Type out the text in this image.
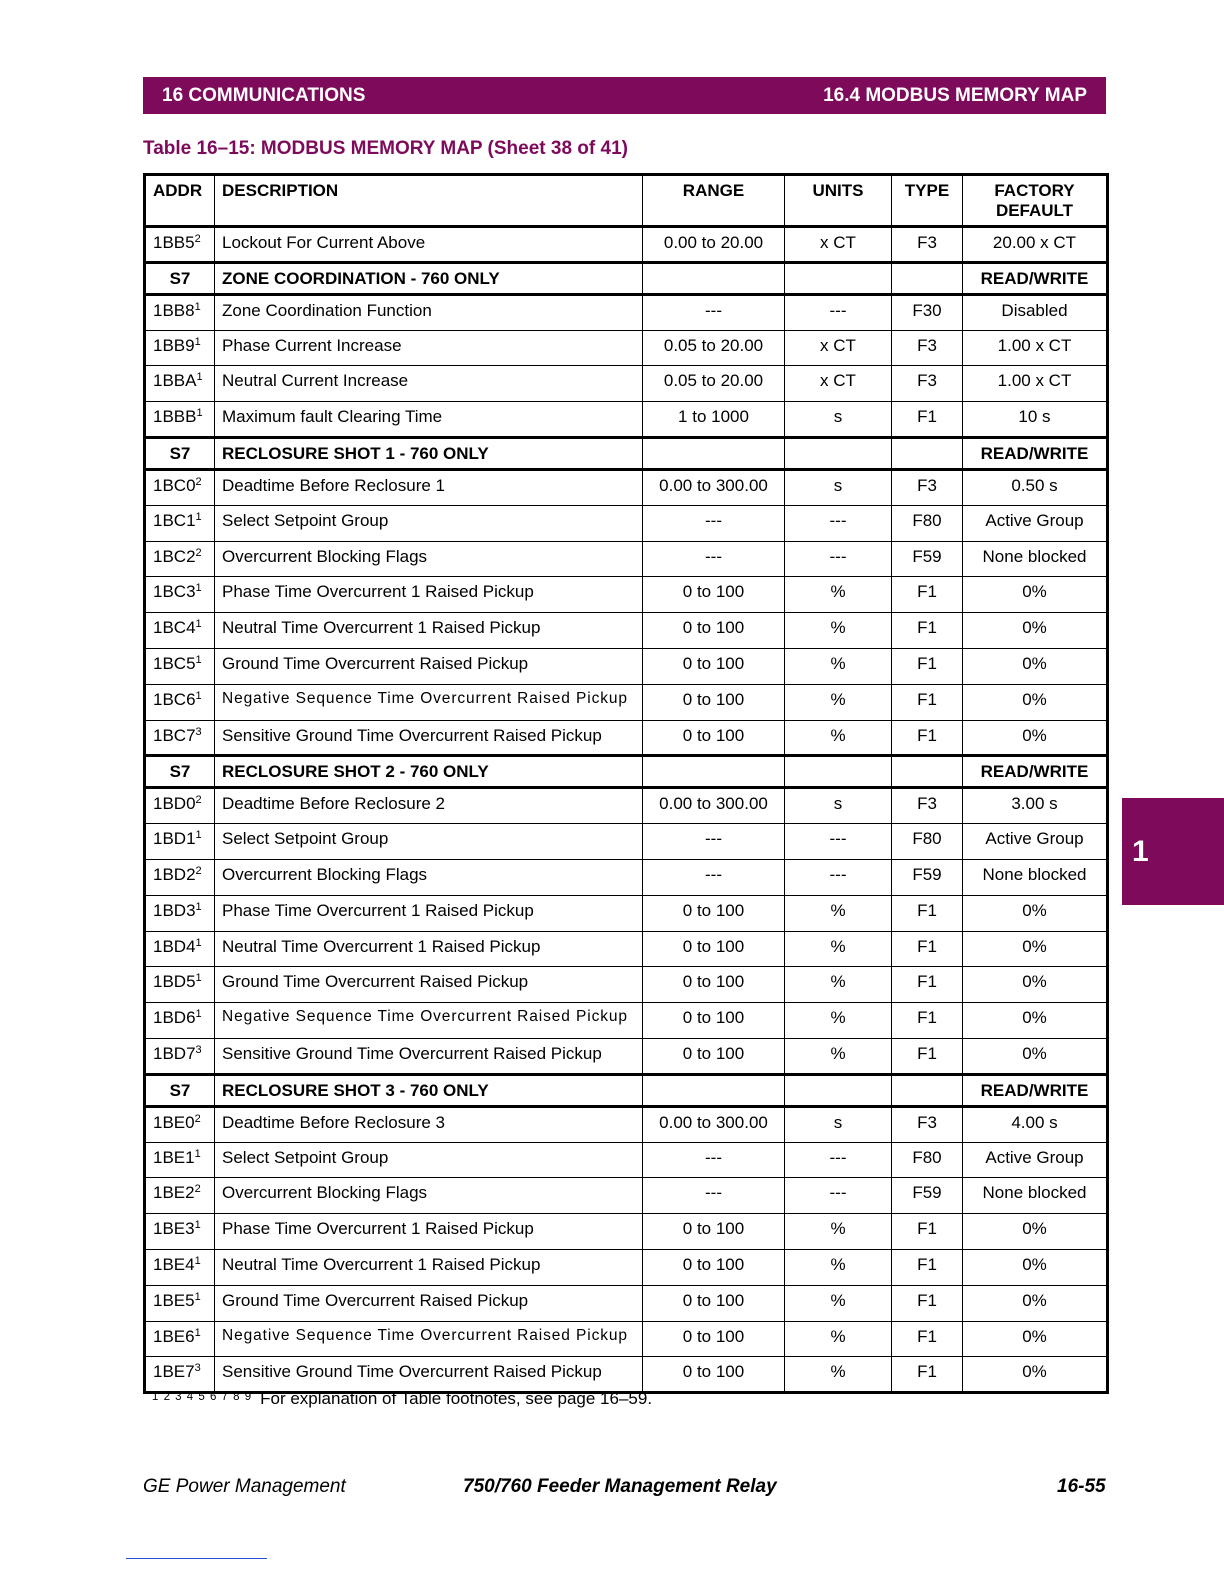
16 COMMUNICATIONS	16.4 MODBUS MEMORY MAP
Table 16–15: MODBUS MEMORY MAP (Sheet 38 of 41)
ADDR	DESCRIPTION	RANGE	UNITS	TYPE	FACTORY
DEFAULT

$1BB5^2$	Lockout For Current Above	0.00 to 20.00	x CT	F3	20.00 x CT
S7	ZONE COORDINATION - 760 ONLY				READ/WRITE
$1BB8^1$	Zone Coordination Function	---	---	F30	Disabled
$1BB9^1$	Phase Current Increase	0.05 to 20.00	x CT	F3	1.00 x CT
1BBA$^1$	Neutral Current Increase	0.05 to 20.00	x CT	F3	1.00 x CT
1BBB$^1$	Maximum fault Clearing Time	1 to 1000	s	F1	10 s
S7	RECLOSURE SHOT 1 - 760 ONLY				READ/WRITE
$1BC0^2$	Deadtime Before Reclosure 1	0.00 to 300.00	s	F3	0.50 s
$1BC1^1$	Select Setpoint Group	---	---	F80	Active Group
$1BC2^2$	Overcurrent Blocking Flags	---	---	F59	None blocked
$1BC3^1$	Phase Time Overcurrent 1 Raised Pickup	0 to 100	%	F1	0%
$1BC4^1$	Neutral Time Overcurrent 1 Raised Pickup	0 to 100	%	F1	0%
$1BC5^1$	Ground Time Overcurrent Raised Pickup	0 to 100	%	F1	0%
$1BC6^1$	Negative Sequence Time Overcurrent Raised Pickup	0 to 100	%	F1	0%
$1BC7^3$	Sensitive Ground Time Overcurrent Raised Pickup	0 to 100	%	F1	0%
S7	RECLOSURE SHOT 2 - 760 ONLY				READ/WRITE
$1BD0^2$	Deadtime Before Reclosure 2	0.00 to 300.00	s	F3	3.00 s
$1BD1^1$	Select Setpoint Group	---	---	F80	Active Group
$1BD2^2$	Overcurrent Blocking Flags	---	---	F59	None blocked
$1BD3^1$	Phase Time Overcurrent 1 Raised Pickup	0 to 100	%	F1	0%
$1BD4^1$	Neutral Time Overcurrent 1 Raised Pickup	0 to 100	%	F1	0%
$1BD5^1$	Ground Time Overcurrent Raised Pickup	0 to 100	%	F1	0%
$1BD6^1$	Negative Sequence Time Overcurrent Raised Pickup	0 to 100	%	F1	0%
$1BD7^3$	Sensitive Ground Time Overcurrent Raised Pickup	0 to 100	%	F1	0%
S7	RECLOSURE SHOT 3 - 760 ONLY				READ/WRITE
$1BE0^2$	Deadtime Before Reclosure 3	0.00 to 300.00	s	F3	4.00 s
$1BE1^1$	Select Setpoint Group	---	---	F80	Active Group
$1BE2^2$	Overcurrent Blocking Flags	---	---	F59	None blocked
$1BE3^1$	Phase Time Overcurrent 1 Raised Pickup	0 to 100	%	F1	0%
$1BE4^1$	Neutral Time Overcurrent 1 Raised Pickup	0 to 100	%	F1	0%
$1BE5^1$	Ground Time Overcurrent Raised Pickup	0 to 100	%	F1	0%
$1BE6^1$	Negative Sequence Time Overcurrent Raised Pickup	0 to 100	%	F1	0%
$1BE7^3$	Sensitive Ground Time Overcurrent Raised Pickup	0 to 100	%	F1	0%
$^{1 2 3 4 5 6 7 8 9}$ For explanation of Table footnotes, see page 16–59.
GE Power Management	750/760 Feeder Management Relay	16-55
1
